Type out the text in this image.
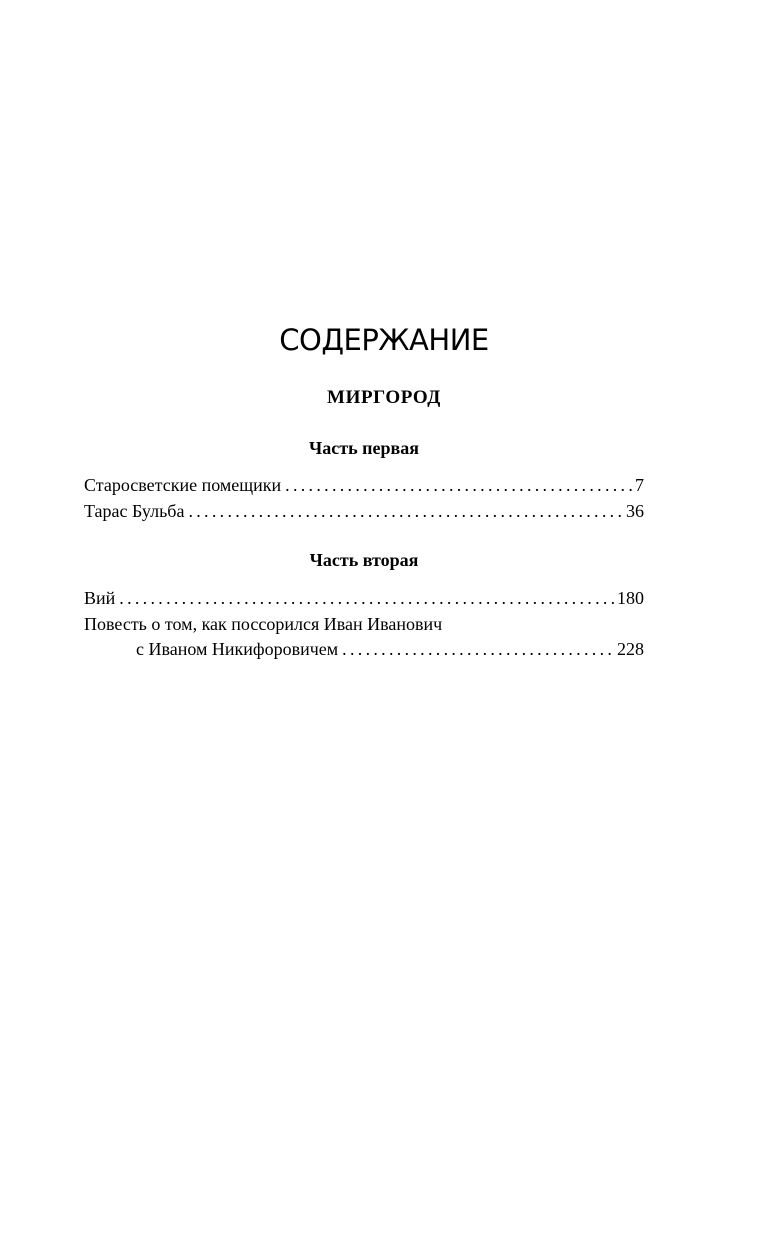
СОДЕРЖАНИЕ
МИРГОРОД
Часть первая
Старосветские помещики . . .	7
Тарас Бульба . . .	36
Часть вторая
Вий . . .	180
Повесть о том, как поссорился Иван Иванович
с Иваном Никифоровичем . . .	228
